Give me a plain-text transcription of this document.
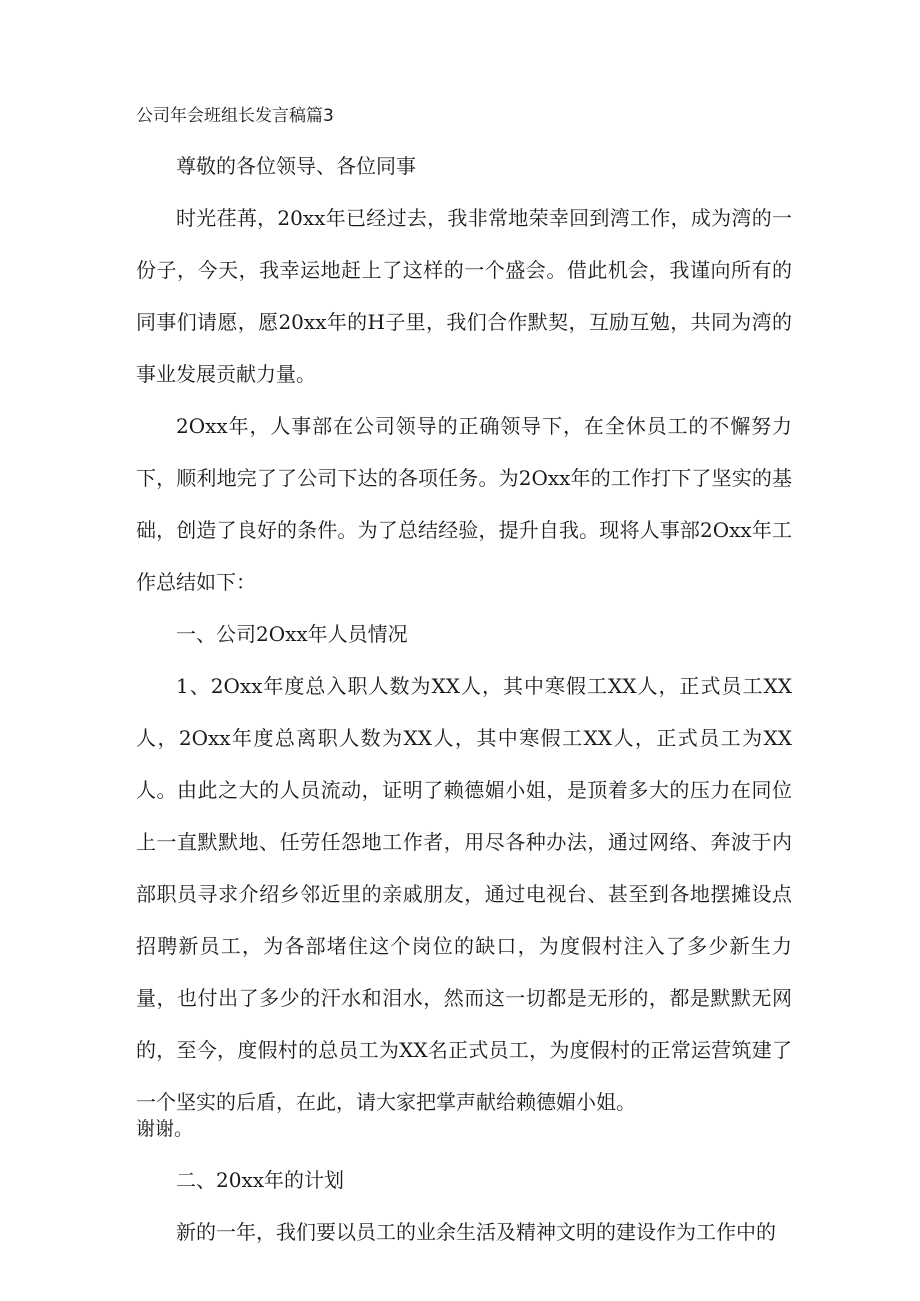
公司年会班组长发言稿篇3

尊敬的各位领导、各位同事

时光荏苒，20xx年已经过去，我非常地荣幸回到湾工作，成为湾的一份子，今天，我幸运地赶上了这样的一个盛会。借此机会，我谨向所有的同事们请愿，愿20xx年的H子里，我们合作默契，互励互勉，共同为湾的事业发展贡献力量。

2Oxx年，人事部在公司领导的正确领导下，在全休员工的不懈努力下，顺利地完了了公司下达的各项任务。为2Oxx年的工作打下了坚实的基础，创造了良好的条件。为了总结经验，提升自我。现将人事部2Oxx年工作总结如下：

一、公司2Oxx年人员情况

1、2Oxx年度总入职人数为XX人，其中寒假工XX人，正式员工XX人，2Oxx年度总离职人数为XX人，其中寒假工XX人，正式员工为XX人。由此之大的人员流动，证明了赖德媚小姐，是顶着多大的压力在同位上一直默默地、任劳任怨地工作者，用尽各种办法，通过网络、奔波于内部职员寻求介绍乡邻近里的亲戚朋友，通过电视台、甚至到各地摆摊设点招聘新员工，为各部堵住这个岗位的缺口，为度假村注入了多少新生力量，也付出了多少的汗水和泪水，然而这一切都是无形的，都是默默无网的，至今，度假村的总员工为XX名正式员工，为度假村的正常运营筑建了一个坚实的后盾，在此，请大家把掌声献给赖德媚小姐。

谢谢。

二、20xx年的计划

新的一年，我们要以员工的业余生活及精神文明的建设作为工作中的
